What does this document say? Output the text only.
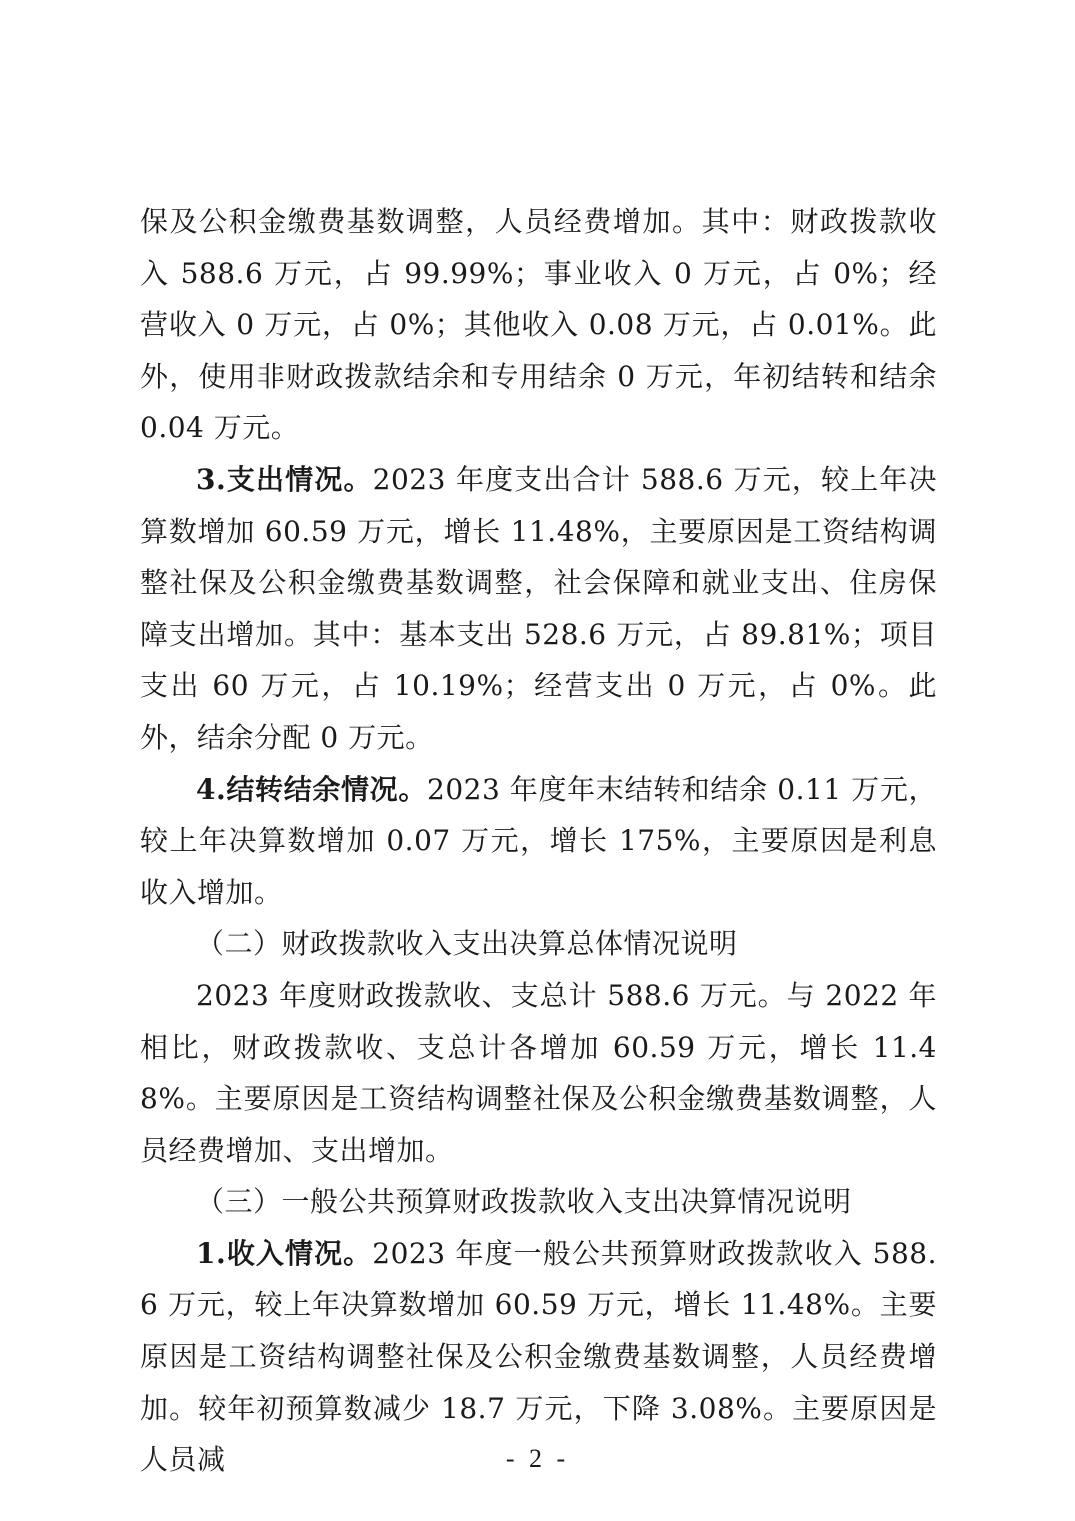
保及公积金缴费基数调整，人员经费增加。其中：财政拨款收入 588.6 万元，占 99.99%；事业收入 0 万元，占 0%；经营收入 0 万元，占 0%；其他收入 0.08 万元，占 0.01%。此外，使用非财政拨款结余和专用结余 0 万元，年初结转和结余 0.04 万元。

3.支出情况。2023 年度支出合计 588.6 万元，较上年决算数增加 60.59 万元，增长 11.48%，主要原因是工资结构调整社保及公积金缴费基数调整，社会保障和就业支出、住房保障支出增加。其中：基本支出 528.6 万元，占 89.81%；项目支出 60 万元，占 10.19%；经营支出 0 万元，占 0%。此外，结余分配 0 万元。

4.结转结余情况。2023 年度年末结转和结余 0.11 万元，较上年决算数增加 0.07 万元，增长 175%，主要原因是利息收入增加。

（二）财政拨款收入支出决算总体情况说明

2023 年度财政拨款收、支总计 588.6 万元。与 2022 年相比，财政拨款收、支总计各增加 60.59 万元，增长 11.48%。主要原因是工资结构调整社保及公积金缴费基数调整，人员经费增加、支出增加。

（三）一般公共预算财政拨款收入支出决算情况说明

1.收入情况。2023 年度一般公共预算财政拨款收入 588.6 万元，较上年决算数增加 60.59 万元，增长 11.48%。主要原因是工资结构调整社保及公积金缴费基数调整，人员经费增加。较年初预算数减少 18.7 万元，下降 3.08%。主要原因是人员减	- 2 -
